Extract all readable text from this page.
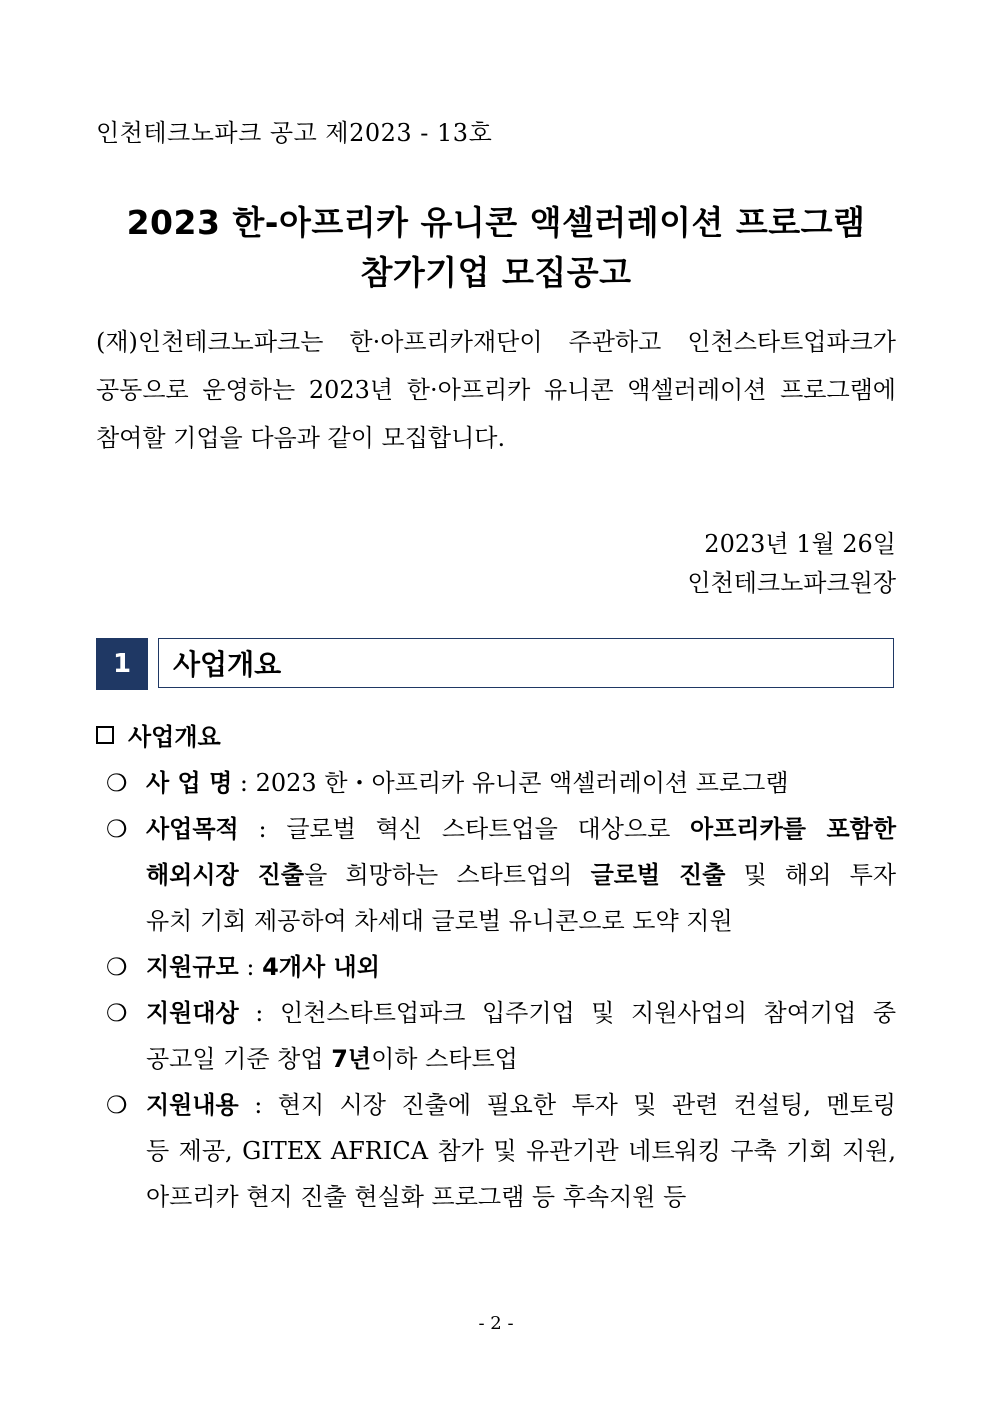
인천테크노파크 공고 제2023 - 13호
2023 한-아프리카 유니콘 액셀러레이션 프로그램
참가기업 모집공고
(재)인천테크노파크는 한·아프리카재단이 주관하고 인천스타트업파크가
공동으로 운영하는 2023년 한·아프리카 유니콘 액셀러레이션 프로그램에
참여할 기업을 다음과 같이 모집합니다.
2023년 1월 26일
인천테크노파크원장
1	사업개요
사업개요
❍ 사 업 명 : 2023 한・아프리카 유니콘 액셀러레이션 프로그램
❍ 사업목적 : 글로벌 혁신 스타트업을 대상으로 아프리카를 포함한
해외시장 진출을 희망하는 스타트업의 글로벌 진출 및 해외 투자
유치 기회 제공하여 차세대 글로벌 유니콘으로 도약 지원
❍ 지원규모 : 4개사 내외
❍ 지원대상 : 인천스타트업파크 입주기업 및 지원사업의 참여기업 중
공고일 기준 창업 7년이하 스타트업
❍ 지원내용 : 현지 시장 진출에 필요한 투자 및 관련 컨설팅, 멘토링
등 제공, GITEX AFRICA 참가 및 유관기관 네트워킹 구축 기회 지원,
아프리카 현지 진출 현실화 프로그램 등 후속지원 등
- 2 -
